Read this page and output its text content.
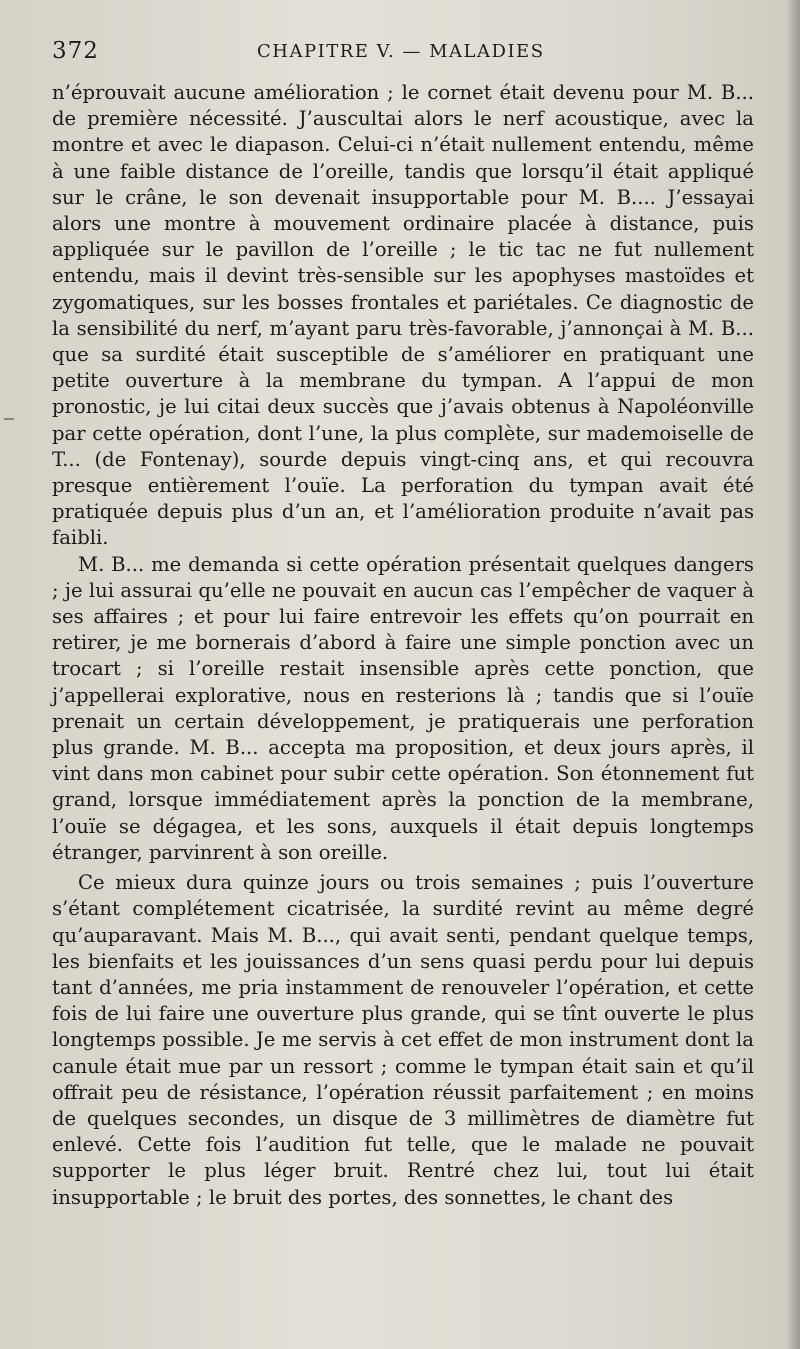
372	CHAPITRE V. — MALADIES

n’éprouvait aucune amélioration ; le cornet était devenu pour M. B... de première nécessité. J’auscultai alors le nerf acoustique, avec la montre et avec le diapason. Celui-ci n’était nullement entendu, même à une faible distance de l’oreille, tandis que lorsqu’il était appliqué sur le crâne, le son devenait insupportable pour M. B.... J’essayai alors une montre à mouvement ordinaire placée à distance, puis appliquée sur le pavillon de l’oreille ; le tic tac ne fut nullement entendu, mais il devint très-sensible sur les apophyses mastoïdes et zygomatiques, sur les bosses frontales et pariétales. Ce diagnostic de la sensibilité du nerf, m’ayant paru très-favorable, j’annonçai à M. B... que sa surdité était susceptible de s’améliorer en pratiquant une petite ouverture à la membrane du tympan. A l’appui de mon pronostic, je lui citai deux succès que j’avais obtenus à Napoléonville par cette opération, dont l’une, la plus complète, sur mademoiselle de T... (de Fontenay), sourde depuis vingt-cinq ans, et qui recouvra presque entièrement l’ouïe. La perforation du tympan avait été pratiquée depuis plus d’un an, et l’amélioration produite n’avait pas faibli.

M. B... me demanda si cette opération présentait quelques dangers ; je lui assurai qu’elle ne pouvait en aucun cas l’empêcher de vaquer à ses affaires ; et pour lui faire entrevoir les effets qu’on pourrait en retirer, je me bornerais d’abord à faire une simple ponction avec un trocart ; si l’oreille restait insensible après cette ponction, que j’appellerai explorative, nous en resterions là ; tandis que si l’ouïe prenait un certain développement, je pratiquerais une perforation plus grande. M. B... accepta ma proposition, et deux jours après, il vint dans mon cabinet pour subir cette opération. Son étonnement fut grand, lorsque immédiatement après la ponction de la membrane, l’ouïe se dégagea, et les sons, auxquels il était depuis longtemps étranger, parvinrent à son oreille.

Ce mieux dura quinze jours ou trois semaines ; puis l’ouverture s’étant complétement cicatrisée, la surdité revint au même degré qu’auparavant. Mais M. B..., qui avait senti, pendant quelque temps, les bienfaits et les jouissances d’un sens quasi perdu pour lui depuis tant d’années, me pria instamment de renouveler l’opération, et cette fois de lui faire une ouverture plus grande, qui se tînt ouverte le plus longtemps possible. Je me servis à cet effet de mon instrument dont la canule était mue par un ressort ; comme le tympan était sain et qu’il offrait peu de résistance, l’opération réussit parfaitement ; en moins de quelques secondes, un disque de 3 millimètres de diamètre fut enlevé. Cette fois l’audition fut telle, que le malade ne pouvait supporter le plus léger bruit. Rentré chez lui, tout lui était insupportable ; le bruit des portes, des sonnettes, le chant des
